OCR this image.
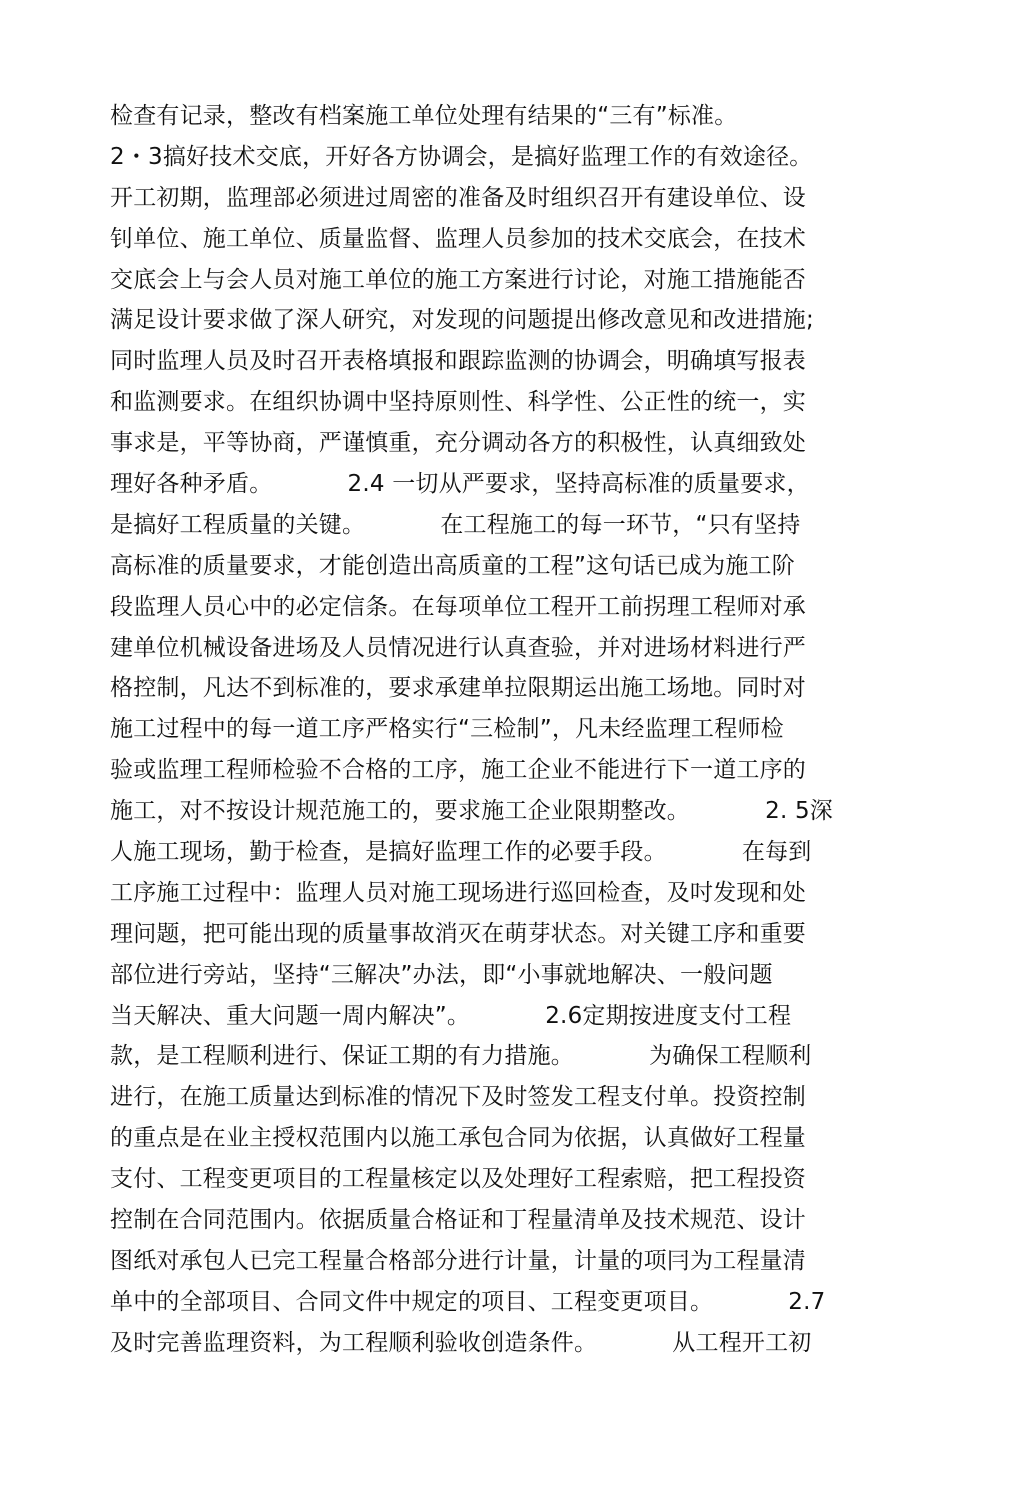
检查有记录，整改有档案施工单位处理有结果的“三有”标准。
2・3搞好技术交底，开好各方协调会，是搞好监理工作的有效途径。
开工初期，监理部必须进过周密的准备及时组织召开有建设单位、设
钊单位、施工单位、质量监督、监理人员参加的技术交底会，在技术
交底会上与会人员对施工单位的施工方案进行讨论，对施工措施能否
满足设计要求做了深人研究，对发现的问题提出修改意见和改进措施;
同时监理人员及时召开表格填报和跟踪监测的协调会，明确填写报表
和监测要求。在组织协调中坚持原则性、科学性、公正性的统一，实
事求是，平等协商，严谨慎重，充分调动各方的积极性，认真细致处
理好各种矛盾。          2.4 一切从严要求，坚持高标准的质量要求，
是搞好工程质量的关键。          在工程施工的每一环节，“只有坚持
高标准的质量要求，才能创造出高质童的工程”这句话已成为施工阶
段监理人员心中的必定信条。在每项单位工程开工前拐理工程师对承
建单位机械设备进场及人员情况进行认真查验，并对进场材料进行严
格控制，凡达不到标准的，要求承建单拉限期运出施工场地。同时对
施工过程中的每一道工序严格实行“三检制”，凡未经监理工程师检
验或监理工程师检验不合格的工序，施工企业不能进行下一道工序的
施工，对不按设计规范施工的，要求施工企业限期整改。          2. 5深
人施工现场，勤于检查，是搞好监理工作的必要手段。          在每到
工序施工过程中：监理人员对施工现场进行巡回检查，及吋发现和处
理问题，把可能出现的质量事故消灭在萌芽状态。对关键工序和重要
部位进行旁站，坚持“三解决”办法，即“小事就地解决、一般问题
当天解决、重大问题一周内解决”。          2.6定期按进度支付工程
款，是工程顺利进行、保证工期的有力措施。          为确保工程顺利
进行，在施工质量达到标准的情况下及时签发工程支付单。投资控制
的重点是在业主授权范围内以施工承包合同为依据，认真做好工程量
支付、工程变更项目的工程量核定以及处理好工程索赔，把工程投资
控制在合同范围内。依据质量合格证和丁程量清单及技术规范、设计
图纸对承包人已完工程量合格部分进行计量，计量的项冃为工程量清
单中的全部项目、合同文件中规定的项目、工程变更项目。          2.7
及时完善监理资料，为工程顺利验收创造条件。          从工程开工初
